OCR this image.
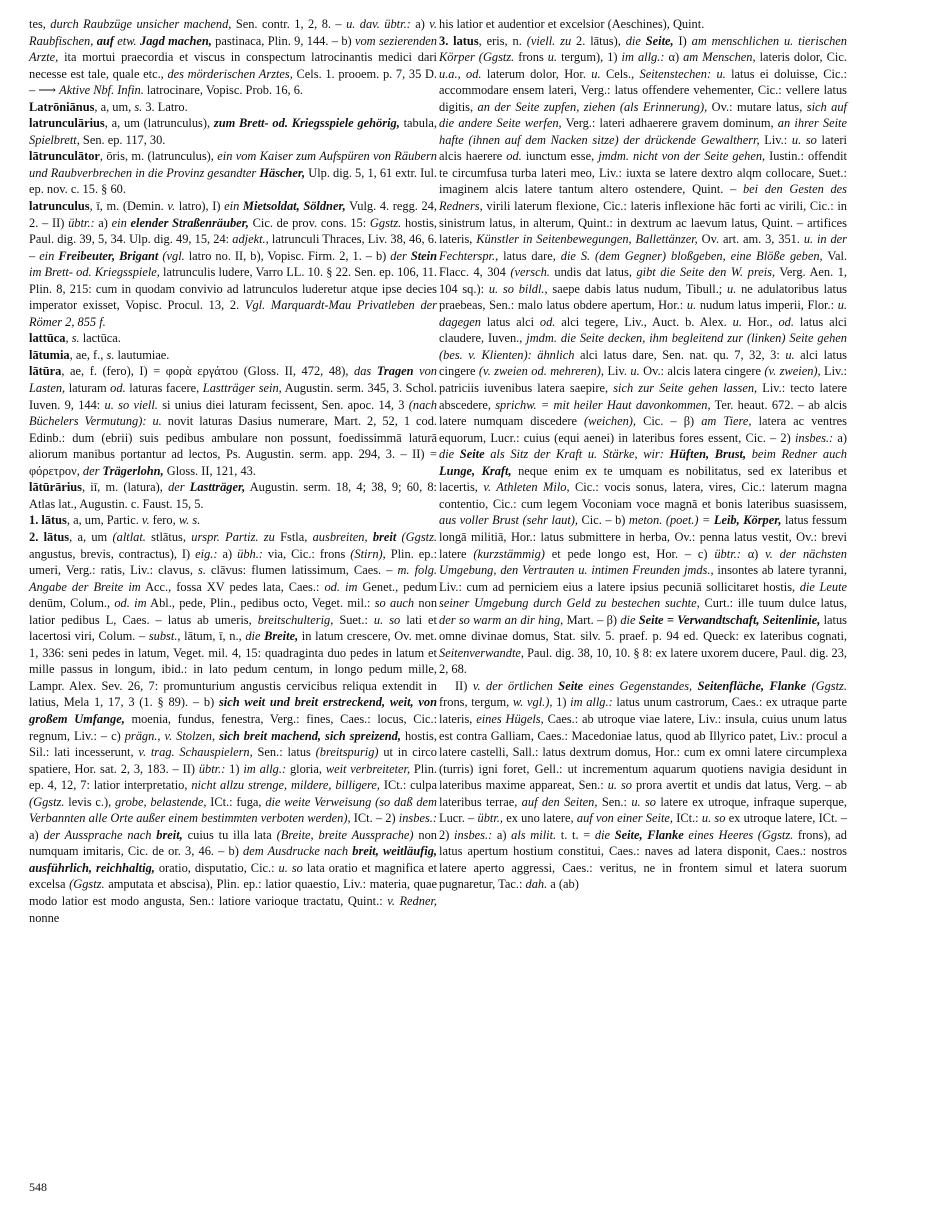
tes, durch Raubzüge unsicher machend, Sen. contr. 1, 2, 8. – u. dav. übtr.: a) v. Raubfischen, auf etw. Jagd machen, pastinaca, Plin. 9, 144. – b) vom sezierenden Arzte, ita mortui praecordia et viscus in conspectum latrocinantis medici dari necesse est tale, quale etc., des mörderischen Arztes, Cels. 1. prooem. p. 7, 35 D. – ⟶ Aktive Nbf. Infin. latrocinare, Vopisc. Prob. 16, 6.

Latrōniānus, a, um, s. 3. Latro.

latrunculārius, a, um (latrunculus), zum Brett- od. Kriegsspiele gehörig, tabula, Spielbrett, Sen. ep. 117, 30.

lātrunculātor, ōris, m. (latrunculus), ein vom Kaiser zum Aufspüren von Räubern und Raubverbrechen in die Provinz gesandter Häscher, Ulp. dig. 5, 1, 61 extr. Iul. ep. nov. c. 15. § 60.

latrunculus, ī, m. (Demin. v. latro), I) ein Mietsoldat, Söldner, Vulg. 4. regg. 24, 2. – II) übtr.: a) ein elender Straßenräuber, Cic. de prov. cons. 15: Ggstz. hostis, Paul. dig. 39, 5, 34. Ulp. dig. 49, 15, 24: adjekt., latrunculi Thraces, Liv. 38, 46, 6. – ein Freibeuter, Brigant (vgl. latro no. II, b), Vopisc. Firm. 2, 1. – b) der Stein im Brett- od. Kriegsspiele, latrunculis ludere, Varro LL. 10. § 22. Sen. ep. 106, 11. Plin. 8, 215: cum in quodam convivio ad latrunculos luderetur atque ipse decies imperator exisset, Vopisc. Procul. 13, 2. Vgl. Marquardt-Mau Privatleben der Römer 2, 855 f.

lattūca, s. lactūca.

lātumia, ae, f., s. lautumiae.

lātūra, ae, f. (fero), I) = φορὰ εργάτου (Gloss. II, 472, 48), das Tragen von Lasten, laturam od. laturas facere, Lastträger sein, Augustin. serm. 345, 3. Schol. Iuven. 9, 144: u. so viell. si unius diei laturam fecissent, Sen. apoc. 14, 3 (nach Büchelers Vermutung): u. novit laturas Dasius numerare, Mart. 2, 52, 1 cod. Edinb.: dum (ebrii) suis pedibus ambulare non possunt, foedissimmā laturā aliorum manibus portantur ad lectos, Ps. Augustin. serm. app. 294, 3. – II) = φόρετρον, der Trägerlohn, Gloss. II, 121, 43.

lātūrārius, iī, m. (latura), der Lastträger, Augustin. serm. 18, 4; 38, 9; 60, 8: Atlas lat., Augustin. c. Faust. 15, 5.

1. lātus, a, um, Partic. v. fero, w. s.

2. lātus, a, um (altlat. stlātus, urspr. Partiz. zu Fstla, ausbreiten, breit (Ggstz. angustus, brevis, contractus), I) eig.: a) übh.: via, Cic.: frons (Stirn), Plin. ep.: umeri, Verg.: ratis, Liv.: clavus, s. clāvus: flumen latissimum, Caes. – m. folg. Angabe der Breite im Acc., fossa XV pedes lata, Caes.: od. im Genet., pedum denūm, Colum., od. im Abl., pede, Plin., pedibus octo, Veget. mil.: so auch non latior pedibus L, Caes. – latus ab umeris, breitschulterig, Suet.: u. so lati et lacertosi viri, Colum. – subst., lātum, ī, n., die Breite, in latum crescere, Ov. met. 1, 336: seni pedes in latum, Veget. mil. 4, 15: quadraginta duo pedes in latum et mille passus in longum, ibid.: in lato pedum centum, in longo pedum mille, Lampr. Alex. Sev. 26, 7: promunturium angustis cervicibus reliqua extendit in latius, Mela 1, 17, 3 (1. § 89). – b) sich weit und breit erstreckend, weit, von großem Umfange, moenia, fundus, fenestra, Verg.: fines, Caes.: locus, Cic.: regnum, Liv.: – c) prägn., v. Stolzen, sich breit machend, sich spreizend, hostis, Sil.: lati incesserunt, v. trag. Schauspielern, Sen.: latus (breitspurig) ut in circo spatiere, Hor. sat. 2, 3, 183. – II) übtr.: 1) im allg.: gloria, weit verbreiteter, Plin. ep. 4, 12, 7: latior interpretatio, nicht allzu strenge, mildere, billigere, ICt.: culpa (Ggstz. levis c.), grobe, belastende, ICt.: fuga, die weite Verweisung (so daß dem Verbannten alle Orte außer einem bestimmten verboten werden), ICt. – 2) insbes.: a) der Aussprache nach breit, cuius tu illa lata (Breite, breite Aussprache) non numquam imitaris, Cic. de or. 3, 46. – b) dem Ausdrucke nach breit, weitläufig, ausführlich, reichhaltig, oratio, disputatio, Cic.: u. so lata oratio et magnifica et excelsa (Ggstz. amputata et abscisa), Plin. ep.: latior quaestio, Liv.: materia, quae modo latior est modo angusta, Sen.: latiore varioque tractatu, Quint.: v. Redner, nonne

his latior et audentior et excelsior (Aeschines), Quint.

3. latus, eris, n. (viell. zu 2. lātus), die Seite, I) am menschlichen u. tierischen Körper (Ggstz. frons u. tergum), 1) im allg.: α) am Menschen, lateris dolor, Cic. u.a., od. laterum dolor, Hor. u. Cels., Seitenstechen: u. latus ei doluisse, Cic.: accommodare ensem lateri, Verg.: latus offendere vehementer, Cic.: vellere latus digitis, an der Seite zupfen, ziehen (als Erinnerung), Ov.: mutare latus, sich auf die andere Seite werfen, Verg.: lateri adhaerere gravem dominum, an ihrer Seite hafte (ihnen auf dem Nacken sitze) der drückende Gewaltherr, Liv.: u. so lateri alcis haerere od. iunctum esse, jmdm. nicht von der Seite gehen, Iustin.: offendit te circumfusa turba lateri meo, Liv.: iuxta se latere dextro alqm collocare, Suet.: imaginem alcis latere tantum altero ostendere, Quint. – bei den Gesten des Redners, virili laterum flexione, Cic.: lateris inflexione hāc forti ac virili, Cic.: in sinistrum latus, in alterum, Quint.: in dextrum ac laevum latus, Quint. – artifices lateris, Künstler in Seitenbewegungen, Ballettänzer, Ov. art. am. 3, 351. u. in der Fechterspr., latus dare, die S. (dem Gegner) bloßgeben, eine Blöße geben, Val. Flacc. 4, 304 (versch. undis dat latus, gibt die Seite den W. preis, Verg. Aen. 1, 104 sq.): u. so bildl., saepe dabis latus nudum, Tibull.; u. ne adulatoribus latus praebeas, Sen.: malo latus obdere apertum, Hor.: u. nudum latus imperii, Flor.: u. dagegen latus alci od. alci tegere, Liv., Auct. b. Alex. u. Hor., od. latus alci claudere, Iuven., jmdm. die Seite decken, ihm begleitend zur (linken) Seite gehen (bes. v. Klienten): ähnlich alci latus dare, Sen. nat. qu. 7, 32, 3: u. alci latus cingere (v. zweien od. mehreren), Liv. u. Ov.: alcis latera cingere (v. zweien), Liv.: patriciis iuvenibus latera saepire, sich zur Seite gehen lassen, Liv.: tecto latere abscedere, sprichw. = mit heiler Haut davonkommen, Ter. heaut. 672. – ab alcis latere numquam discedere (weichen), Cic. – β) am Tiere, latera ac ventres equorum, Lucr.: cuius (equi aenei) in lateribus fores essent, Cic. – 2) insbes.: a) die Seite als Sitz der Kraft u. Stärke, wir: Hüften, Brust, beim Redner auch Lunge, Kraft, neque enim ex te umquam es nobilitatus, sed ex lateribus et lacertis, v. Athleten Milo, Cic.: vocis sonus, latera, vires, Cic.: laterum magna contentio, Cic.: cum legem Voconiam voce magnā et bonis lateribus suasissem, aus voller Brust (sehr laut), Cic. – b) meton. (poet.) = Leib, Körper, latus fessum longā militiā, Hor.: latus submittere in herba, Ov.: penna latus vestit, Ov.: brevi latere (kurzstämmig) et pede longo est, Hor. – c) übtr.: α) v. der nächsten Umgebung, den Vertrauten u. intimen Freunden jmds., insontes ab latere tyranni, Liv.: cum ad perniciem eius a latere ipsius pecuniā sollicitaret hostis, die Leute seiner Umgebung durch Geld zu bestechen suchte, Curt.: ille tuum dulce latus, der so warm an dir hing, Mart. – β) die Seite = Verwandtschaft, Seitenlinie, latus omne divinae domus, Stat. silv. 5. praef. p. 94 ed. Queck: ex lateribus cognati, Seitenverwandte, Paul. dig. 38, 10, 10. § 8: ex latere uxorem ducere, Paul. dig. 23, 2, 68.

II) v. der örtlichen Seite eines Gegenstandes, Seitenfläche, Flanke (Ggstz. frons, tergum, w. vgl.), 1) im allg.: latus unum castrorum, Caes.: ex utraque parte lateris, eines Hügels, Caes.: ab utroque viae latere, Liv.: insula, cuius unum latus est contra Galliam, Caes.: Macedoniae latus, quod ab Illyrico patet, Liv.: procul a latere castelli, Sall.: latus dextrum domus, Hor.: cum ex omni latere circumplexa (turris) igni foret, Gell.: ut incrementum aquarum quotiens navigia desidunt in lateribus maxime appareat, Sen.: u. so prora avertit et undis dat latus, Verg. – ab lateribus terrae, auf den Seiten, Sen.: u. so latere ex utroque, infraque superque, Lucr. – übtr., ex uno latere, auf von einer Seite, ICt.: u. so ex utroque latere, ICt. – 2) insbes.: a) als milit. t. t. = die Seite, Flanke eines Heeres (Ggstz. frons), ad latus apertum hostium constitui, Caes.: naves ad latera disponit, Caes.: nostros latere aperto aggressi, Caes.: veritus, ne in frontem simul et latera suorum pugnaretur, Tac.: dah. a (ab)

548
